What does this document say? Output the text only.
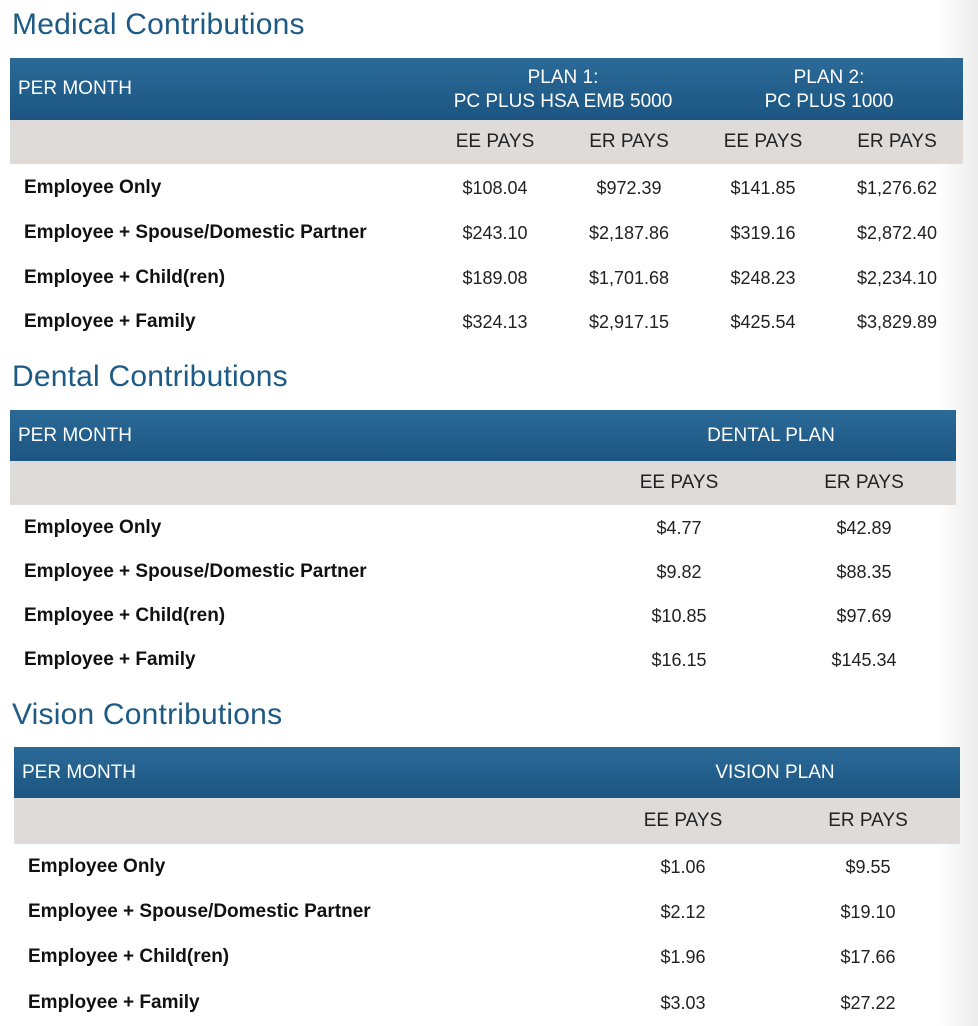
Medical Contributions
PER MONTH
PLAN 1:
PC PLUS HSA EMB 5000
PLAN 2:
PC PLUS 1000
EE PAYS	ER PAYS	EE PAYS	ER PAYS
Employee Only	$108.04	$972.39	$141.85	$1,276.62
Employee + Spouse/Domestic Partner	$243.10	$2,187.86	$319.16	$2,872.40
Employee + Child(ren)	$189.08	$1,701.68	$248.23	$2,234.10
Employee + Family	$324.13	$2,917.15	$425.54	$3,829.89
Dental Contributions
PER MONTH	DENTAL PLAN
EE PAYS	ER PAYS
Employee Only	$4.77	$42.89
Employee + Spouse/Domestic Partner	$9.82	$88.35
Employee + Child(ren)	$10.85	$97.69
Employee + Family	$16.15	$145.34
Vision Contributions
PER MONTH	VISION PLAN
EE PAYS	ER PAYS
Employee Only	$1.06	$9.55
Employee + Spouse/Domestic Partner	$2.12	$19.10
Employee + Child(ren)	$1.96	$17.66
Employee + Family	$3.03	$27.22
